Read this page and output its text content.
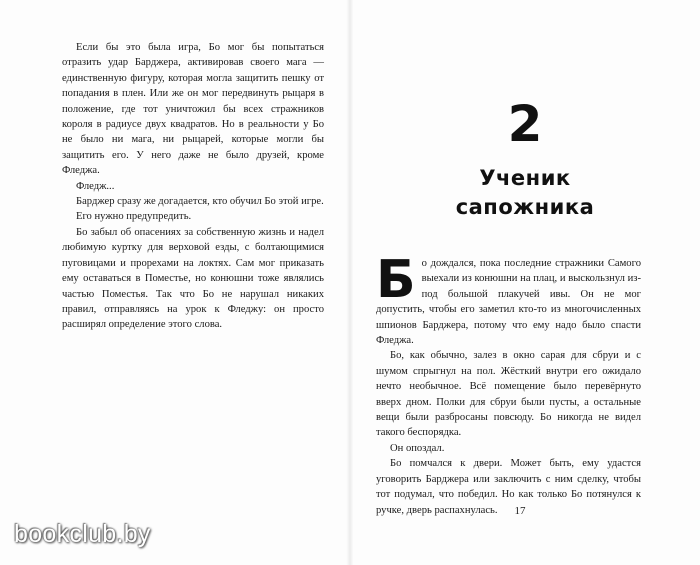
Если бы это была игра, Бо мог бы попытаться отразить удар Барджера, активировав своего мага — единственную фигуру, которая могла защитить пешку от попадания в плен. Или же он мог передвинуть рыцаря в положение, где тот уничтожил бы всех стражников короля в радиусе двух квадратов. Но в реальности у Бо не было ни мага, ни рыцарей, которые могли бы защитить его. У него даже не было друзей, кроме Фледжа.

Фледж...

Барджер сразу же догадается, кто обучил Бо этой игре.

Его нужно предупредить.

Бо забыл об опасениях за собственную жизнь и надел любимую куртку для верховой езды, с болтающимися пуговицами и прорехами на локтях. Сам мог приказать ему оставаться в Поместье, но конюшни тоже являлись частью Поместья. Так что Бо не нарушал никаких правил, отправляясь на урок к Фледжу: он просто расширял определение этого слова.

2
Ученик
сапожника

Бо дождался, пока последние стражники Самого выехали из конюшни на плац, и выскользнул из-под большой плакучей ивы. Он не мог допустить, чтобы его заметил кто-то из многочисленных шпионов Барджера, потому что ему надо было спасти Фледжа.

Бо, как обычно, залез в окно сарая для сбруи и с шумом спрыгнул на пол. Жёсткий внутри его ожидало нечто необычное. Всё помещение было перевёрнуто вверх дном. Полки для сбруи были пусты, а остальные вещи были разбросаны повсюду. Бо никогда не видел такого беспорядка.

Он опоздал.

Бо помчался к двери. Может быть, ему удастся уговорить Барджера или заключить с ним сделку, чтобы тот подумал, что победил. Но как только Бо потянулся к ручке, дверь распахнулась.	17
bookclub.by
